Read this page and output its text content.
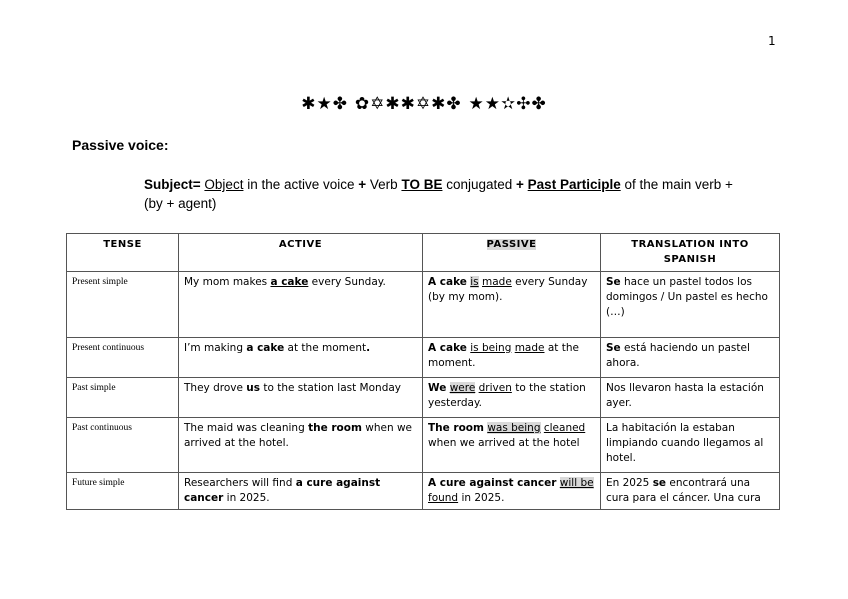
1
✱★✤ ✿✡✱✱✡✱✤ ★★✫✣✤
Passive voice:
Subject= Object in the active voice + Verb TO BE conjugated + Past Participle of the main verb +
(by + agent)
TENSE	ACTIVE	PASSIVE	TRANSLATION INTO SPANISH
Present simple	My mom makes a cake every Sunday.	A cake is made every Sunday (by my mom).	Se hace un pastel todos los domingos / Un pastel es hecho (…)
Present continuous	I’m making a cake at the moment.	A cake is being made at the moment.	Se está haciendo un pastel ahora.
Past simple	They drove us to the station last Monday	We were driven to the station yesterday.	Nos llevaron hasta la estación ayer.
Past continuous	The maid was cleaning the room when we arrived at the hotel.	The room was being cleaned when we arrived at the hotel	La habitación la estaban limpiando cuando llegamos al hotel.
Future simple	Researchers will find a cure against cancer in 2025.	A cure against cancer will be found in 2025.	En 2025 se encontrará una cura para el cáncer. Una cura
